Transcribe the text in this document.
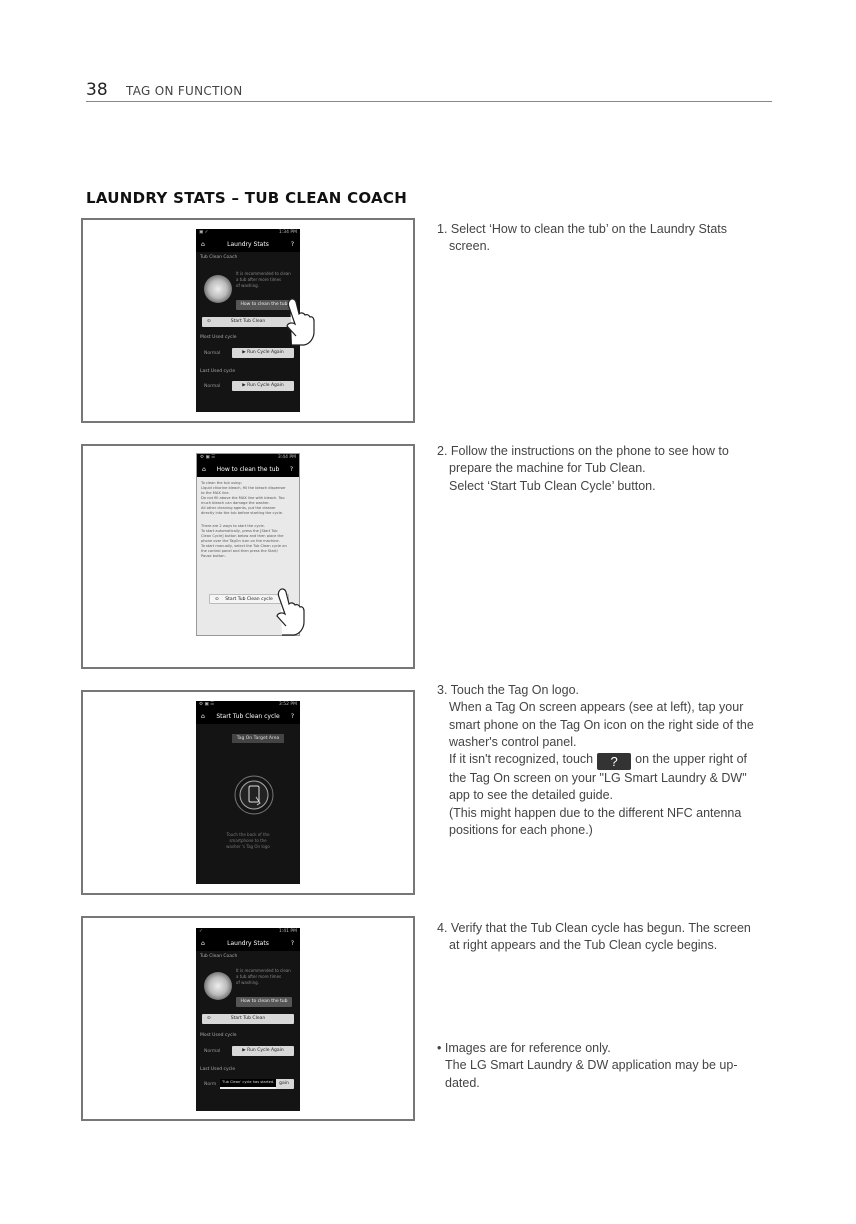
38 TAG ON FUNCTION
LAUNDRY STATS – TUB CLEAN COACH
▣ ✓	1:34 PM
⌂	Laundry Stats	?
Tub Clean Coach
It is recommended to clean
a tub after more times
of washing.
How to clean the tub
⊙	Start Tub Clean
Most Used cycle
Normal	▶ Run Cycle Again
Last Used cycle
Normal	▶ Run Cycle Again
⚙ ▣ ☰	3:44 PM
⌂ How to clean the tub ?
To clean the tub using:
Liquid chlorine bleach, fill the bleach dispenser
to the MAX line.
Do not fill above the MAX line with bleach. Too
much bleach can damage the washer.
All other cleaning agents, put the cleaner
directly into the tub before starting the cycle.
There are 2 ways to start the cycle.
To start automatically, press the [Start Tub
Clean Cycle] button below and then place the
phone over the TagOn icon on the machine.
To start manually, select the Tub Clean cycle on
the control panel and then press the Start/
Pause button.
⊙ Start Tub Clean cycle
⚙ ▣ ☰	3:52 PM
⌂ Start Tub Clean cycle ?
Tag On Target Area
Touch the back of the
smartphone to the
washer 's Tag On logo
✓	1:41 PM
⌂	Laundry Stats	?
Tub Clean Coach
It is recommended to clean
a tub after more times
of washing.
How to clean the tub
⊙	Start Tub Clean
Most Used cycle
Normal	▶ Run Cycle Again
Last Used cycle
Norm	gain
'Tub Clean' cycle has started.

1. Select ‘How to clean the tub’ on the Laundry Stats

screen.

2. Follow the instructions on the phone to see how to

prepare the machine for Tub Clean.

Select ‘Start Tub Clean Cycle’ button.

3. Touch the Tag On logo.

When a Tag On screen appears (see at left), tap your

smart phone on the Tag On icon on the right side of the

washer's control panel.

If it isn't recognized, touch ? on the upper right of

the Tag On screen on your "LG Smart Laundry & DW"

app to see the detailed guide.

(This might happen due to the different NFC antenna

positions for each phone.)

4. Verify that the Tub Clean cycle has begun. The screen

at right appears and the Tub Clean cycle begins.

• Images are for reference only.

The LG Smart Laundry & DW application may be up-

dated.
